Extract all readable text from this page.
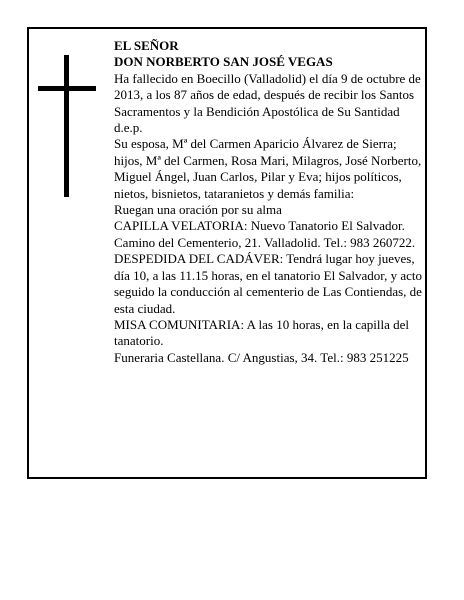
EL SEÑOR

DON NORBERTO SAN JOSÉ VEGAS

Ha fallecido en Boecillo (Valladolid) el día 9 de octubre de 2013, a los 87 años de edad, después de recibir los Santos Sacramentos y la Bendición Apostólica de Su Santidad

d.e.p.

Su esposa, Mª del Carmen Aparicio Álvarez de Sierra; hijos, Mª del Carmen, Rosa Mari, Milagros, José Norberto, Miguel Ángel, Juan Carlos, Pilar y Eva; hijos políticos, nietos, bisnietos, tataranietos y demás familia:

Ruegan una oración por su alma

CAPILLA VELATORIA: Nuevo Tanatorio El Salvador. Camino del Cementerio, 21. Valladolid. Tel.: 983 260722.

DESPEDIDA DEL CADÁVER: Tendrá lugar hoy jueves, día 10, a las 11.15 horas, en el tanatorio El Salvador, y acto seguido la conducción al cementerio de Las Contiendas, de esta ciudad.

MISA COMUNITARIA: A las 10 horas, en la capilla del tanatorio.

Funeraria Castellana. C/ Angustias, 34. Tel.: 983 251225
